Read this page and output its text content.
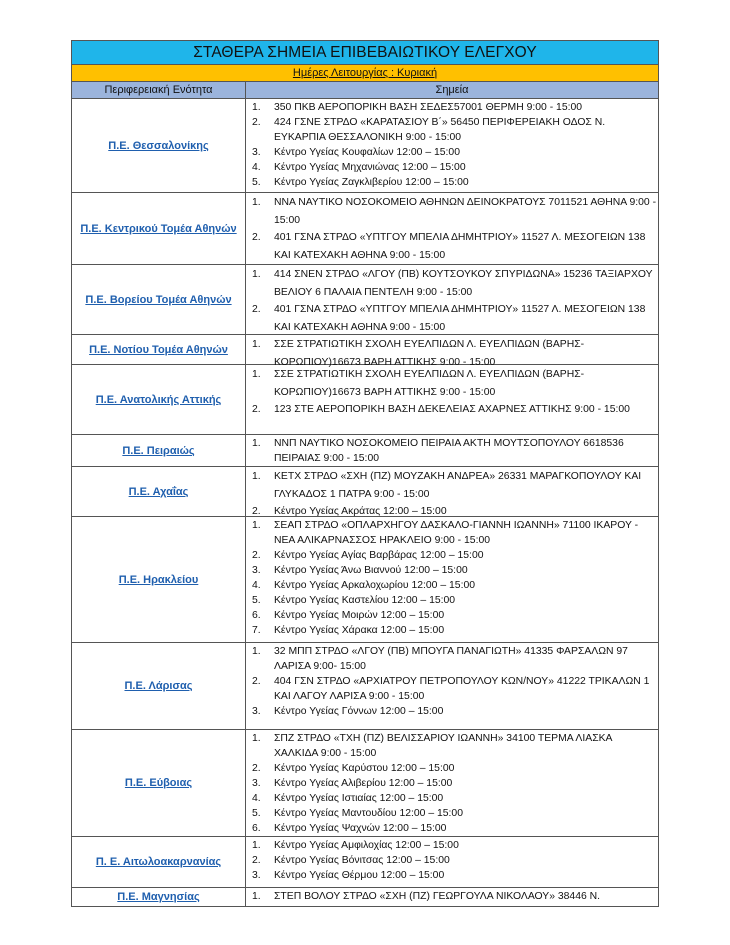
ΣΤΑΘΕΡΑ ΣΗΜΕΙΑ ΕΠΙΒΕΒΑΙΩΤΙΚΟΥ ΕΛΕΓΧΟΥ
Ημέρες Λειτουργίας : Κυριακή
Περιφερειακή Ενότητα	Σημεία
Π.Ε. Θεσσαλονίκης
1.	350 ΠΚΒ ΑΕΡΟΠΟΡΙΚΗ ΒΑΣΗ ΣΕΔΕΣ57001 ΘΕΡΜΗ 9:00 - 15:00
2.	424 ΓΣΝΕ ΣΤΡΔΟ «ΚΑΡΑΤΑΣΙΟΥ Β΄» 56450 ΠΕΡΙΦΕΡΕΙΑΚΗ ΟΔΟΣ Ν. ΕΥΚΑΡΠΙΑ ΘΕΣΣΑΛΟΝΙΚΗ 9:00 - 15:00
3.	Κέντρο Υγείας Κουφαλίων 12:00 – 15:00
4.	Κέντρο Υγείας Μηχανιώνας 12:00 – 15:00
5.	Κέντρο Υγείας Ζαγκλιβερίου 12:00 – 15:00
Π.Ε. Κεντρικού Τομέα Αθηνών
1.	ΝΝΑ ΝΑΥΤΙΚΟ ΝΟΣΟΚΟΜΕΙΟ ΑΘΗΝΩΝ ΔΕΙΝΟΚΡΑΤΟΥΣ 7011521 ΑΘΗΝΑ 9:00 - 15:00
2.	401 ΓΣΝΑ ΣΤΡΔΟ «ΥΠΤΓΟΥ ΜΠΕΛΙΑ ΔΗΜΗΤΡΙΟΥ» 11527 Λ. ΜΕΣΟΓΕΙΩΝ 138 ΚΑΙ ΚΑΤΕΧΑΚΗ ΑΘΗΝΑ 9:00 - 15:00
Π.Ε. Βορείου Τομέα Αθηνών
1.	414 ΣΝΕΝ ΣΤΡΔΟ «ΛΓΟΥ (ΠΒ) ΚΟΥΤΣΟΥΚΟΥ ΣΠΥΡΙΔΩΝΑ» 15236 ΤΑΞΙΑΡΧΟΥ ΒΕΛΙΟΥ 6 ΠΑΛΑΙΑ ΠΕΝΤΕΛΗ 9:00 - 15:00
2.	401 ΓΣΝΑ ΣΤΡΔΟ «ΥΠΤΓΟΥ ΜΠΕΛΙΑ ΔΗΜΗΤΡΙΟΥ» 11527 Λ. ΜΕΣΟΓΕΙΩΝ 138 ΚΑΙ ΚΑΤΕΧΑΚΗ ΑΘΗΝΑ 9:00 - 15:00
Π.Ε. Νοτίου Τομέα Αθηνών	1.	ΣΣΕ ΣΤΡΑΤΙΩΤΙΚΗ ΣΧΟΛΗ ΕΥΕΛΠΙΔΩΝ Λ. ΕΥΕΛΠΙΔΩΝ (ΒΑΡΗΣ-ΚΟΡΩΠΙΟΥ)16673 ΒΑΡΗ ΑΤΤΙΚΗΣ 9:00 - 15:00
Π.Ε. Ανατολικής Αττικής
1.	ΣΣΕ ΣΤΡΑΤΙΩΤΙΚΗ ΣΧΟΛΗ ΕΥΕΛΠΙΔΩΝ Λ. ΕΥΕΛΠΙΔΩΝ (ΒΑΡΗΣ-ΚΟΡΩΠΙΟΥ)16673 ΒΑΡΗ ΑΤΤΙΚΗΣ 9:00 - 15:00
2.	123 ΣΤΕ ΑΕΡΟΠΟΡΙΚΗ ΒΑΣΗ ΔΕΚΕΛΕΙΑΣ ΑΧΑΡΝΕΣ ΑΤΤΙΚΗΣ 9:00 - 15:00
Π.Ε. Πειραιώς
1.	ΝΝΠ ΝΑΥΤΙΚΟ ΝΟΣΟΚΟΜΕΙΟ ΠΕΙΡΑΙΑ ΑΚΤΗ ΜΟΥΤΣΟΠΟΥΛΟΥ 6618536 ΠΕΙΡΑΙΑΣ 9:00 - 15:00
Π.Ε. Αχαΐας
1.	ΚΕΤΧ ΣΤΡΔΟ «ΣΧΗ (ΠΖ) ΜΟΥΖΑΚΗ ΑΝΔΡΕΑ» 26331 ΜΑΡΑΓΚΟΠΟΥΛΟΥ ΚΑΙ ΓΛΥΚΑΔΟΣ 1 ΠΑΤΡΑ 9:00 - 15:00
2.	Κέντρο Υγείας Ακράτας 12:00 – 15:00
Π.Ε. Ηρακλείου
1.	ΣΕΑΠ ΣΤΡΔΟ «ΟΠΛΑΡΧΗΓΟΥ ΔΑΣΚΑΛΟ-ΓΙΑΝΝΗ ΙΩΑΝΝΗ» 71100 ΙΚΑΡΟΥ - ΝΕΑ ΑΛΙΚΑΡΝΑΣΣΟΣ ΗΡΑΚΛΕΙΟ 9:00 - 15:00
2.	Κέντρο Υγείας Αγίας Βαρβάρας 12:00 – 15:00
3.	Κέντρο Υγείας Άνω Βιαννού 12:00 – 15:00
4.	Κέντρο Υγείας Αρκαλοχωρίου 12:00 – 15:00
5.	Κέντρο Υγείας Καστελίου 12:00 – 15:00
6.	Κέντρο Υγείας Μοιρών 12:00 – 15:00
7.	Κέντρο Υγείας Χάρακα 12:00 – 15:00
Π.Ε. Λάρισας
1.	32 ΜΠΠ ΣΤΡΔΟ «ΛΓΟΥ (ΠΒ) ΜΠΟΥΓΑ ΠΑΝΑΓΙΩΤΗ» 41335 ΦΑΡΣΑΛΩΝ 97 ΛΑΡΙΣΑ 9:00- 15:00
2.	404 ΓΣΝ ΣΤΡΔΟ «ΑΡΧΙΑΤΡΟΥ ΠΕΤΡΟΠΟΥΛΟΥ ΚΩΝ/ΝΟΥ» 41222 ΤΡΙΚΑΛΩΝ 1 ΚΑΙ ΛΑΓΟΥ ΛΑΡΙΣΑ 9:00 - 15:00
3.	Κέντρο Υγείας Γόννων 12:00 – 15:00
Π.Ε. Εύβοιας
1.	ΣΠΖ ΣΤΡΔΟ «ΤΧΗ (ΠΖ) ΒΕΛΙΣΣΑΡΙΟΥ ΙΩΑΝΝΗ» 34100 ΤΕΡΜΑ ΛΙΑΣΚΑ ΧΑΛΚΙΔΑ 9:00 - 15:00
2.	Κέντρο Υγείας Καρύστου 12:00 – 15:00
3.	Κέντρο Υγείας Αλιβερίου 12:00 – 15:00
4.	Κέντρο Υγείας Ιστιαίας 12:00 – 15:00
5.	Κέντρο Υγείας Μαντουδίου 12:00 – 15:00
6.	Κέντρο Υγείας Ψαχνών 12:00 – 15:00
Π. Ε. Αιτωλοακαρνανίας
1.	Κέντρο Υγείας Αμφιλοχίας 12:00 – 15:00
2.	Κέντρο Υγείας Βόνιτσας 12:00 – 15:00
3.	Κέντρο Υγείας Θέρμου 12:00 – 15:00
Π.Ε. Μαγνησίας	1.	ΣΤΕΠ ΒΟΛΟΥ ΣΤΡΔΟ «ΣΧΗ (ΠΖ) ΓΕΩΡΓΟΥΛΑ ΝΙΚΟΛΑΟΥ» 38446 Ν.
